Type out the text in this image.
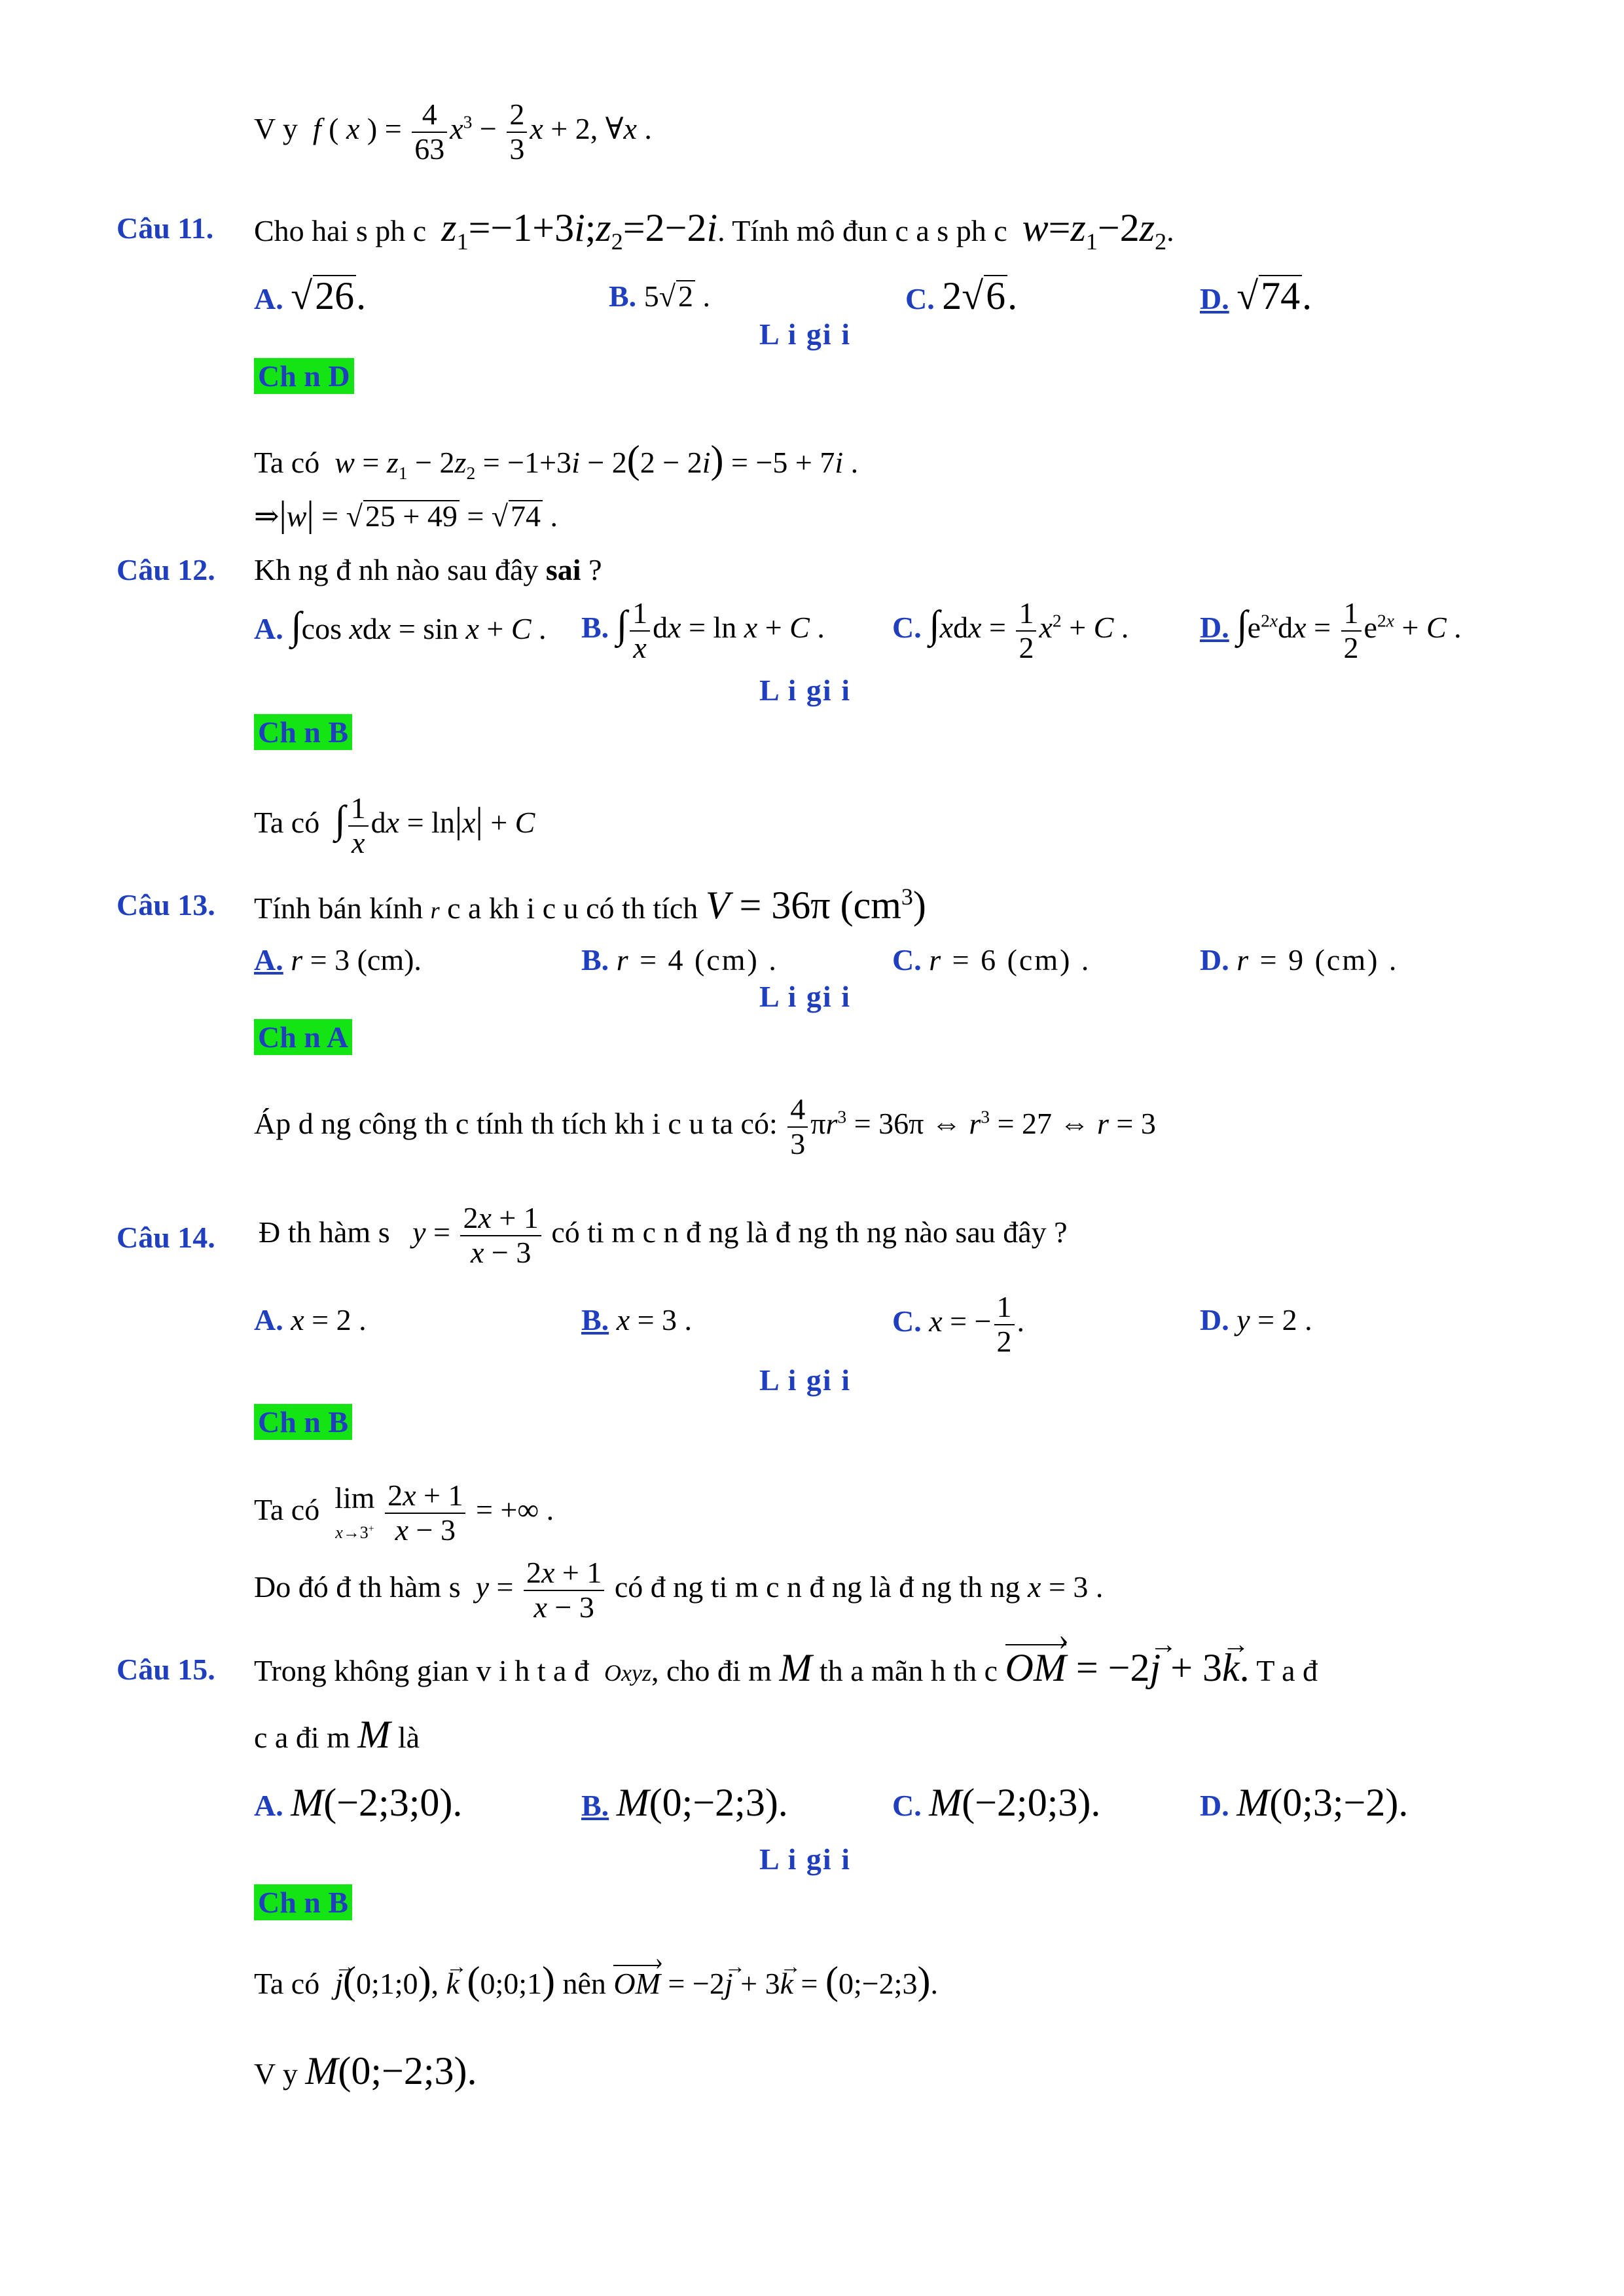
V y f ( x ) = $\frac{4}{63} x^3 - \frac{2}{3}$ x + 2, ∀x .
Câu 11. Cho hai s ph c $z_1=-1+3i;z_2=2-2i$. Tính mô đun c a s ph c $w=z_1-2z_2$.
A. √26.	B. 5√2 .	C. 2√6.	D. √74.
L i gi i
Ch n D
Ta có $w = z_1 - 2z_2 = -1+3i - 2(2 - 2i) = -5 + 7i$ .
⇒|w| = √25 + 49 = √74 .
Câu 12. Kh ng đ nh nào sau đây sai ?
A. ∫cos xdx = sin x + C . B. ∫ $\frac{1}{x}$ dx = ln x + C . C. $\int xdx = \frac{1}{2} x^2 + C$ . D. $\int e^{2x}dx = \frac{1}{2} e^{2x} + C$ .
L i gi i
Ch n B
Ta có ∫ $\frac{1}{x}$ dx = ln|x| + C
Câu 13. Tính bán kính r c a kh i c u có th tích V = 36π $(cm^3)$
A. r = 3 (cm).	B. r = 4 (cm) .	C. r = 6 (cm) .	D. r = 9 (cm) .
L i gi i
Ch n A
Áp d ng công th c tính th tích kh i c u ta có: $\frac{4}{3} \pi r^3 = 36\pi$ ⇔ $r^3 = 27$ ⇔ r = 3
Câu 14. Đ th hàm s $y = \frac{2x + 1}{x - 3}$ có ti m c n đ ng là đ ng th ng nào sau đây ?
A. x = 2 .	B. x = 3 .	C. x = − $\frac{1}{2}$ .	D. y = 2 .
L i gi i
Ch n B
Ta có lim
$x\to 3^+ \frac{2x + 1}{x - 3}$ = +∞ .
Do đó đ th hàm s $y = \frac{2x + 1}{x - 3}$ có đ ng ti m c n đ ng là đ ng th ng x = 3 .
Câu 15. Trong không gian v i h t a đ Oxyz, cho đi m M th a mãn h th c OM › = −2→ j + 3→ k. T a đ
c a đi m M là
A. M(−2;3;0).	B. M(0;−2;3).	C. M(−2;0;3).	D. M(0;3;−2).
L i gi i
Ch n B
Ta có  → j(0;1;0), → k (0;0;1) nên OM › = −2→ j + 3→ k = (0;−2;3).
V y M(0;−2;3).
